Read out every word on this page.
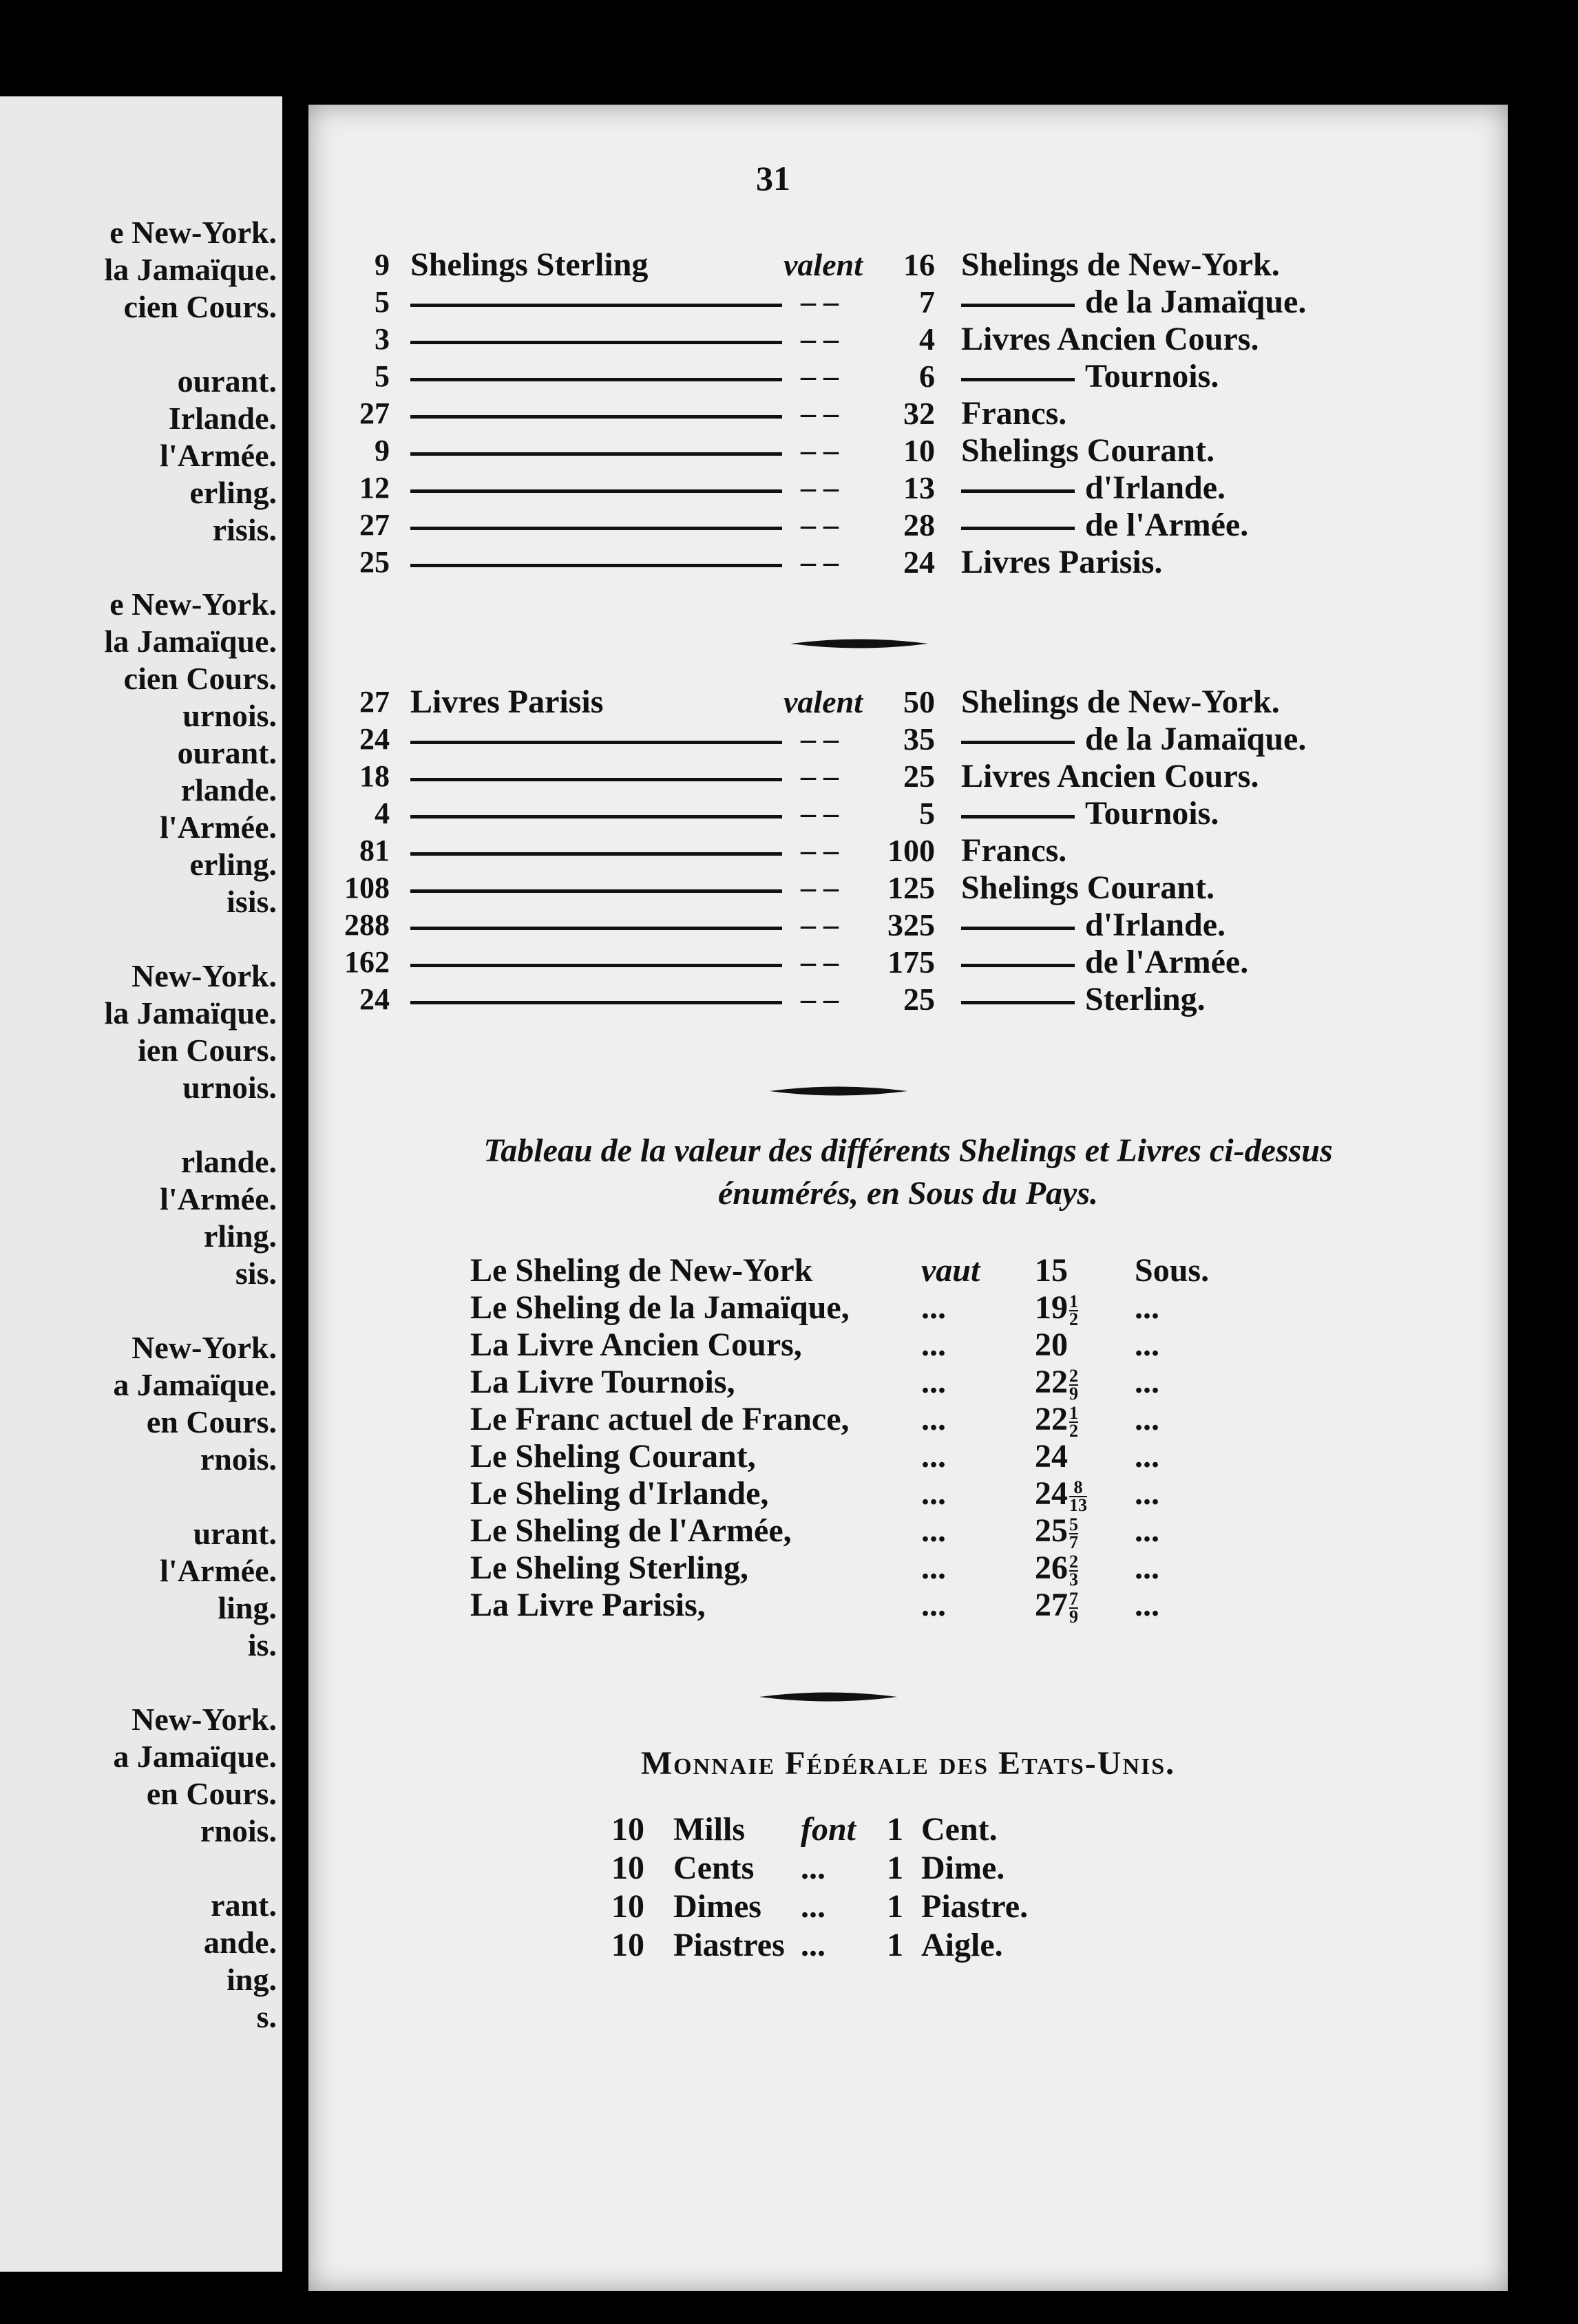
e New-York.
la Jamaïque.
cien Cours.
ourant.
Irlande.
l'Armée.
erling.
risis.
e New-York.
la Jamaïque.
cien Cours.
urnois.
ourant.
rlande.
l'Armée.
erling.
isis.
New-York.
la Jamaïque.
ien Cours.
urnois.
rlande.
l'Armée.
rling.
sis.
New-York.
a Jamaïque.
en Cours.
rnois.
urant.
l'Armée.
ling.
is.
New-York.
a Jamaïque.
en Cours.
rnois.
rant.
ande.
ing.
s.
31
9 Shelings Sterling	valent	16 Shelings de New-York.
5	– –	7	de la Jamaïque.
3	– –	4 Livres Ancien Cours.
5	– –	6	Tournois.
27	– –	32 Francs.
9	– –	10 Shelings Courant.
12	– –	13	d'Irlande.
27	– –	28	de l'Armée.
25	– –	24 Livres Parisis.
27 Livres Parisis	valent	50 Shelings de New-York.
24	– –	35	de la Jamaïque.
18	– –	25 Livres Ancien Cours.
4	– –	5	Tournois.
81	– –	100 Francs.
108	– –	125 Shelings Courant.
288	– –	325	d'Irlande.
162	– –	175	de l'Armée.
24	– –	25	Sterling.
Tableau de la valeur des différents Shelings et Livres ci-dessus
énumérés, en Sous du Pays.
Le Sheling de New-York	vaut 15 Sous.
Le Sheling de la Jamaïque, ...	$19 \frac{1}{2}$ ...
La Livre Ancien Cours,	...	20 ...
La Livre Tournois,	...	$22 \frac{2}{9}$ ...
Le Franc actuel de France, ...	$22 \frac{1}{2}$ ...
Le Sheling Courant,	...	24 ...
Le Sheling d'Irlande,	...	$24 \frac{8}{13}$ ...
Le Sheling de l'Armée,	...	$25 \frac{5}{7}$ ...
Le Sheling Sterling,	...	$26 \frac{2}{3}$ ...
La Livre Parisis,	...	$27 \frac{7}{9}$ ...
Monnaie Fédérale des Etats-Unis.
10 Mills font 1 Cent.
10 Cents ... 1 Dime.
10 Dimes ... 1 Piastre.
10 Piastres ... 1 Aigle.
